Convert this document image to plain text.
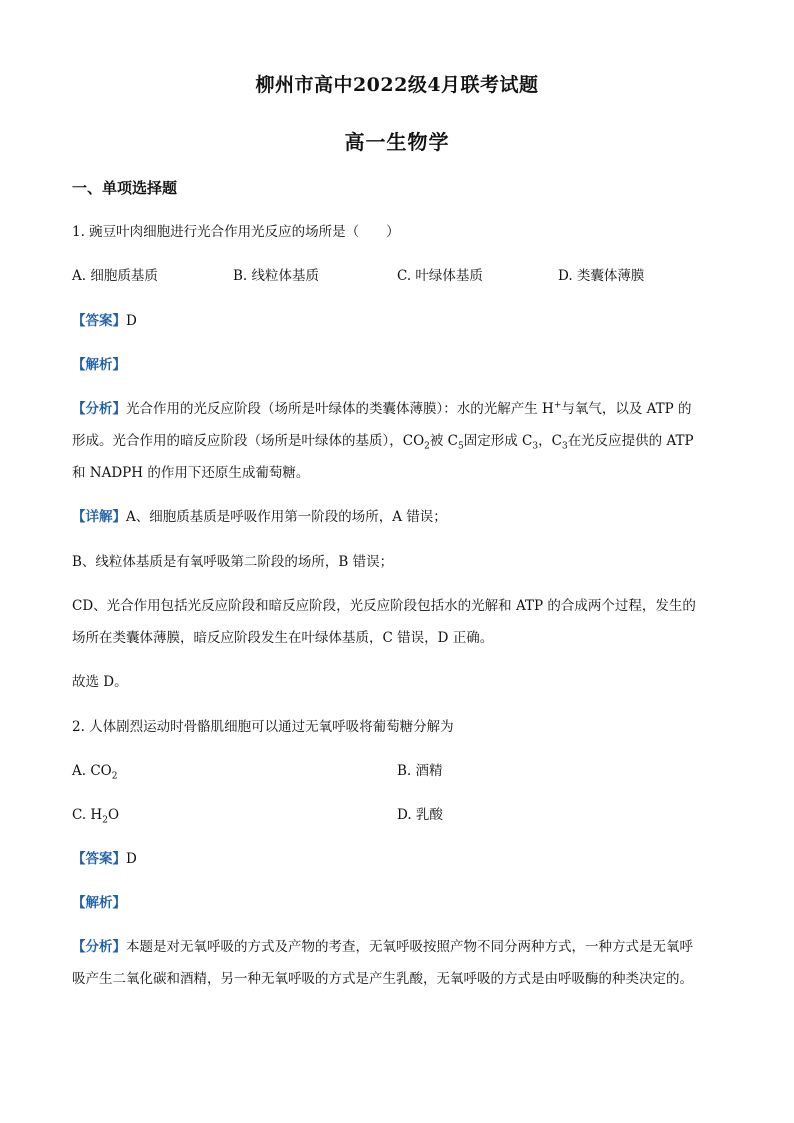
柳州市高中2022级4月联考试题
高一生物学
一、单项选择题
1. 豌豆叶肉细胞进行光合作用光反应的场所是（　　）
A. 细胞质基质	B. 线粒体基质	C. 叶绿体基质	D. 类囊体薄膜
【答案】D
【解析】
【分析】光合作用的光反应阶段（场所是叶绿体的类囊体薄膜）：水的光解产生 H+与氧气，以及 ATP 的
形成。光合作用的暗反应阶段（场所是叶绿体的基质），$CO_2$被 $C_5$固定形成 $C_3$，$C_3$在光反应提供的 ATP
和 NADPH 的作用下还原生成葡萄糖。
【详解】A、细胞质基质是呼吸作用第一阶段的场所，A 错误；
B、线粒体基质是有氧呼吸第二阶段的场所，B 错误；
CD、光合作用包括光反应阶段和暗反应阶段，光反应阶段包括水的光解和 ATP 的合成两个过程，发生的
场所在类囊体薄膜，暗反应阶段发生在叶绿体基质，C 错误，D 正确。
故选 D。
2. 人体剧烈运动时骨骼肌细胞可以通过无氧呼吸将葡萄糖分解为
A. $CO_2$	B. 酒精
C. $H_2O$	D. 乳酸
【答案】D
【解析】
【分析】本题是对无氧呼吸的方式及产物的考查，无氧呼吸按照产物不同分两种方式，一种方式是无氧呼
吸产生二氧化碳和酒精，另一种无氧呼吸的方式是产生乳酸，无氧呼吸的方式是由呼吸酶的种类决定的。
